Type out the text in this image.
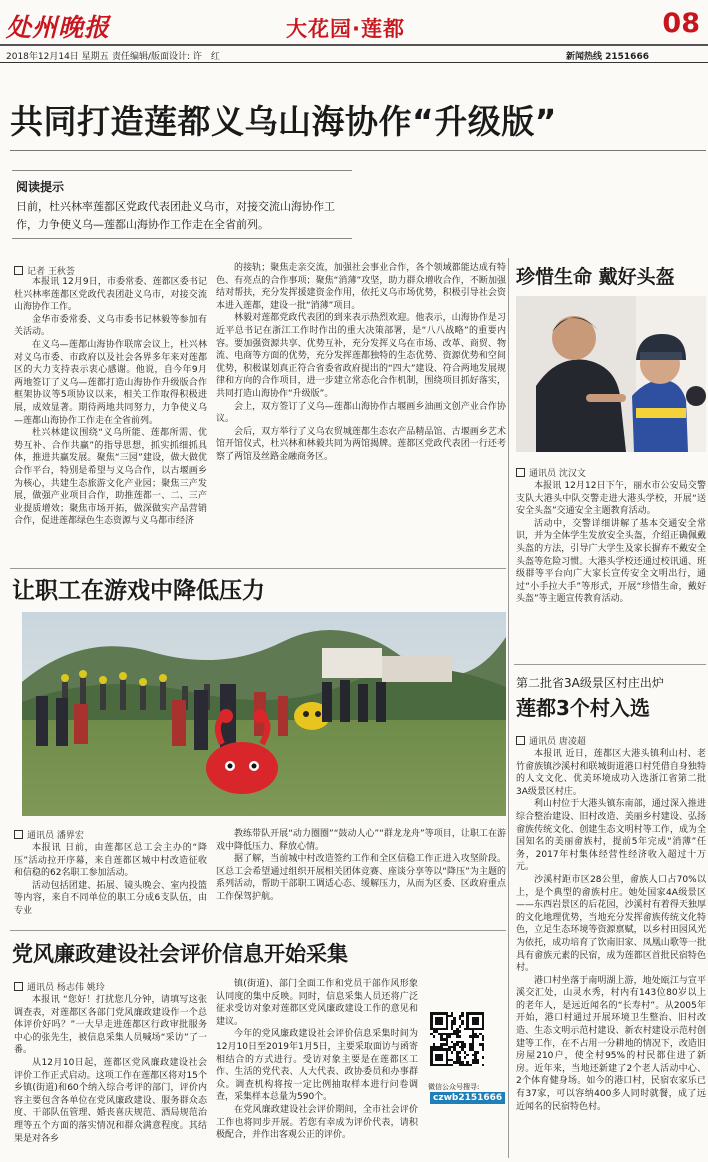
处州晚报	大花园·莲都	08
2018年12月14日 星期五 责任编辑/版面设计: 许　红	新闻热线 2151666
共同打造莲都义乌山海协作“升级版”
阅读提示
日前，杜兴林率莲都区党政代表团赴义乌市，对接交流山海协作工作，力争使义乌—莲都山海协作工作走在全省前列。
记者 王秋荟

本报讯 12月9日，市委常委、莲都区委书记杜兴林率莲都区党政代表团赴义乌市，对接交流山海协作工作。

金华市委常委、义乌市委书记林毅等参加有关活动。

在义乌—莲都山海协作联席会议上，杜兴林对义乌市委、市政府以及社会各界多年来对莲都区的大力支持表示衷心感谢。他说，自今年9月两地签订了义乌—莲都打造山海协作升级版合作框架协议等5项协议以来，相关工作取得积极进展，成效显著。期待两地共同努力，力争使义乌—莲都山海协作工作走在全省前列。

杜兴林建议围绕“义乌所能、莲都所需、优势互补、合作共赢”的指导思想，抓实抓细抓具体，推进共赢发展。聚焦“三园”建设，做大做优合作平台，特别是希望与义乌合作，以古堰画乡为核心，共建生态旅游文化产业园；聚焦三产发展，做强产业项目合作，助推莲都一、二、三产业提质增效；聚焦市场开拓，做深做实产品营销合作，促进莲都绿色生态资源与义乌都市经济

的接轨；聚焦走亲交流，加强社会事业合作，各个领域都能达成有特色、有亮点的合作事项；聚焦“消薄”攻坚，助力群众增收合作，不断加强结对帮扶，充分发挥援建资金作用，依托义乌市场优势，积极引导社会资本进入莲都，建设一批“消薄”项目。

林毅对莲都党政代表团的到来表示热烈欢迎。他表示，山海协作是习近平总书记在浙江工作时作出的重大决策部署，是“八八战略”的重要内容。要加强资源共享、优势互补，充分发挥义乌在市场、改革、商贸、物流、电商等方面的优势，充分发挥莲都独特的生态优势、资源优势和空间优势，积极谋划真正符合省委省政府提出的“四大”建设、符合两地发展规律和方向的合作项目，进一步建立常态化合作机制，围绕项目抓好落实，共同打造山海协作“升级版”。

会上，双方签订了义乌—莲都山海协作古堰画乡油画文创产业合作协议。

会后，双方举行了义乌农贸城莲都生态农产品精品馆、古堰画乡艺术馆开馆仪式，杜兴林和林毅共同为两馆揭牌。莲都区党政代表团一行还考察了两馆及丝路金融商务区。

让职工在游戏中降低压力
通讯员 潘界宏

本报讯 日前，由莲都区总工会主办的“降压”活动拉开序幕，来自莲都区城中村改造征收和信稳的62名职工参加活动。

活动包括团建、拓展、镜头晚会、室内投篮等内容，来自不同单位的职工分成6支队伍，由专业

教练带队开展“动力圈圈”“鼓动人心”“群龙龙舟”等项目，让职工在游戏中降低压力、释放心情。

据了解，当前城中村改造签约工作和全区信稳工作正进入攻坚阶段。区总工会希望通过组织开展相关团体竞赛、座谈分享等以“降压”为主题的系列活动，帮助干部职工调适心态、缓解压力，从而为区委、区政府重点工作保驾护航。

党风廉政建设社会评价信息开始采集
通讯员 杨志伟 姚玲

本报讯 “您好！打扰您几分钟，请填写这张调查表，对莲都区各部门党风廉政建设作一个总体评价好吗？”一大早走进莲都区行政审批服务中心的张先生，被信息采集人员喊场“采访”了一番。

从12月10日起，莲都区党风廉政建设社会评价工作正式启动。这项工作在莲都区将对15个乡镇(街道)和60个纳入综合考评的部门，评价内容主要包含各单位在党风廉政建设、服务群众态度、干部队伍管理、婚丧喜庆规范、酒局规范治理等五个方面的落实情况和群众满意程度。其结果是对各乡

镇(街道)、部门全面工作和党员干部作风形象认同度的集中反映。同时，信息采集人员还将广泛征求受访对象对莲都区党风廉政建设工作的意见和建议。

今年的党风廉政建设社会评价信息采集时间为12月10日至2019年1月5日，主要采取面访与函寄相结合的方式进行。受访对象主要是在莲都区工作、生活的党代表、人大代表、政协委员和办事群众。调查机构将按一定比例抽取样本进行问卷调查，采集样本总量为590个。

在党风廉政建设社会评价期间，全市社会评价工作也将同步开展。若您有幸成为评价代表，请积极配合，并作出客观公正的评价。

微信公众号搜寻:
czwb2151666
珍惜生命 戴好头盔
通讯员 沈汉文

本报讯 12月12日下午，丽水市公安局交警支队大港头中队交警走进大港头学校，开展“送安全头盔”交通安全主题教育活动。

活动中，交警详细讲解了基本交通安全常识，并为全体学生发放安全头盔，介绍正确佩戴头盔的方法，引导广大学生及家长摒弃不戴安全头盔等危险习惯。大港头学校还通过校讯通、班级群等平台向广大家长宣传安全文明出行，通过“小手拉大手”等形式，开展“珍惜生命，戴好头盔”等主题宣传教育活动。

第二批省3A级景区村庄出炉
莲都3个村入选
通讯员 唐凌超

本报讯 近日，莲都区大港头镇利山村、老竹畲族镇沙溪村和联城街道港口村凭借自身独特的人文文化、优美环境成功入选浙江省第二批3A级景区村庄。

利山村位于大港头镇东南部，通过深入推进综合整治建设、旧村改造、美丽乡村建设、弘扬畲族传统文化、创建生态文明村等工作，成为全国知名的美丽畲族村，提前5年完成“消薄”任务，2017年村集体经营性经济收入超过十万元。

沙溪村距市区28公里，畲族人口占70%以上，是个典型的畲族村庄。她处国家4A级景区——东西岩景区的后花园，沙溪村有着得天独厚的文化地理优势，当地充分发挥畲族传统文化特色，立足生态环境等资源禀赋，以乡村田园风光为依托，成功培育了饮南旧家、凤凰山歌等一批具有畲族元素的民宿，成为莲都区首批民宿特色村。

港口村坐落于南明湖上游，地处瓯江与宣平溪交汇处，山灵水秀，村内有143位80岁以上的老年人，是远近闻名的“长寿村”。从2005年开始，港口村通过开展环境卫生整治、旧村改造、生态文明示范村建设、新农村建设示范村创建等工作，在不占用一分耕地的情况下，改造旧房屋210户，使全村95%的村民都住进了新房。近年来，当地还新建了2个老人活动中心、2个体育健身场。如今的港口村，民宿农家乐已有37家，可以容纳400多人同时就餐，成了远近闻名的民宿特色村。
